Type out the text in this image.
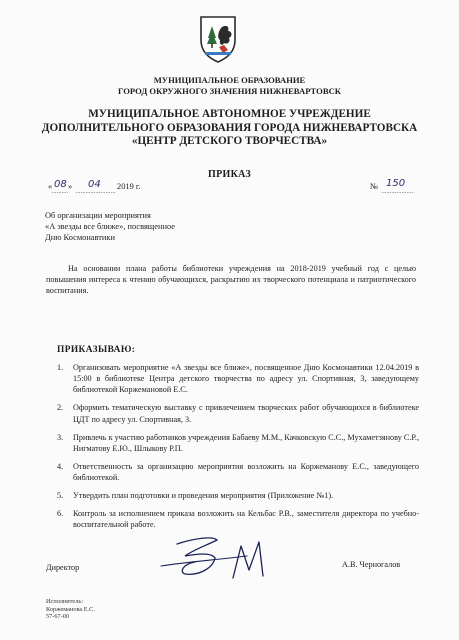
МУНИЦИПАЛЬНОЕ ОБРАЗОВАНИЕ
ГОРОД ОКРУЖНОГО ЗНАЧЕНИЯ НИЖНЕВАРТОВСК
МУНИЦИПАЛЬНОЕ АВТОНОМНОЕ УЧРЕЖДЕНИЕ
ДОПОЛНИТЕЛЬНОГО ОБРАЗОВАНИЯ ГОРОДА НИЖНЕВАРТОВСКА
«ЦЕНТР ДЕТСКОГО ТВОРЧЕСТВА»
ПРИКАЗ
« 08 » 04 2019 г.	№ 150
Об организации мероприятия
«А звезды все ближе», посвященное
Дню Космонавтики
На основании плана работы библиотеки учреждения на 2018-2019 учебный год с целью повышения интереса к чтению обучающихся, раскрытию их творческого потенциала и патриотического воспитания.
ПРИКАЗЫВАЮ:
1. Организовать мероприятие «А звезды все ближе», посвященное Дню Космонавтики 12.04.2019 в 15:00 в библиотеке Центра детского творчества по адресу ул. Спортивная, 3, заведующему библиотекой Коржемановой Е.С.
2. Оформить тематическую выставку с привлечением творческих работ обучающихся в библиотеке ЦДТ по адресу ул. Спортивная, 3.
3. Привлечь к участию работников учреждения Бабаеву М.М., Качковскую С.С., Мухаметзянову С.Р., Нигматову Е.Ю., Шлыкову Р.П.
4. Ответственность за организацию мероприятия возложить на Коржеманову Е.С., заведующего библиотекой.
5. Утвердить план подготовки и проведения мероприятия (Приложение №1).
6. Контроль за исполнением приказа возложить на Кельбас Р.В., заместителя директора по учебно-воспитательной работе.
Директор	А.В. Черногалов
Исполнитель:
Коржеманова Е.С.
57-67-00
